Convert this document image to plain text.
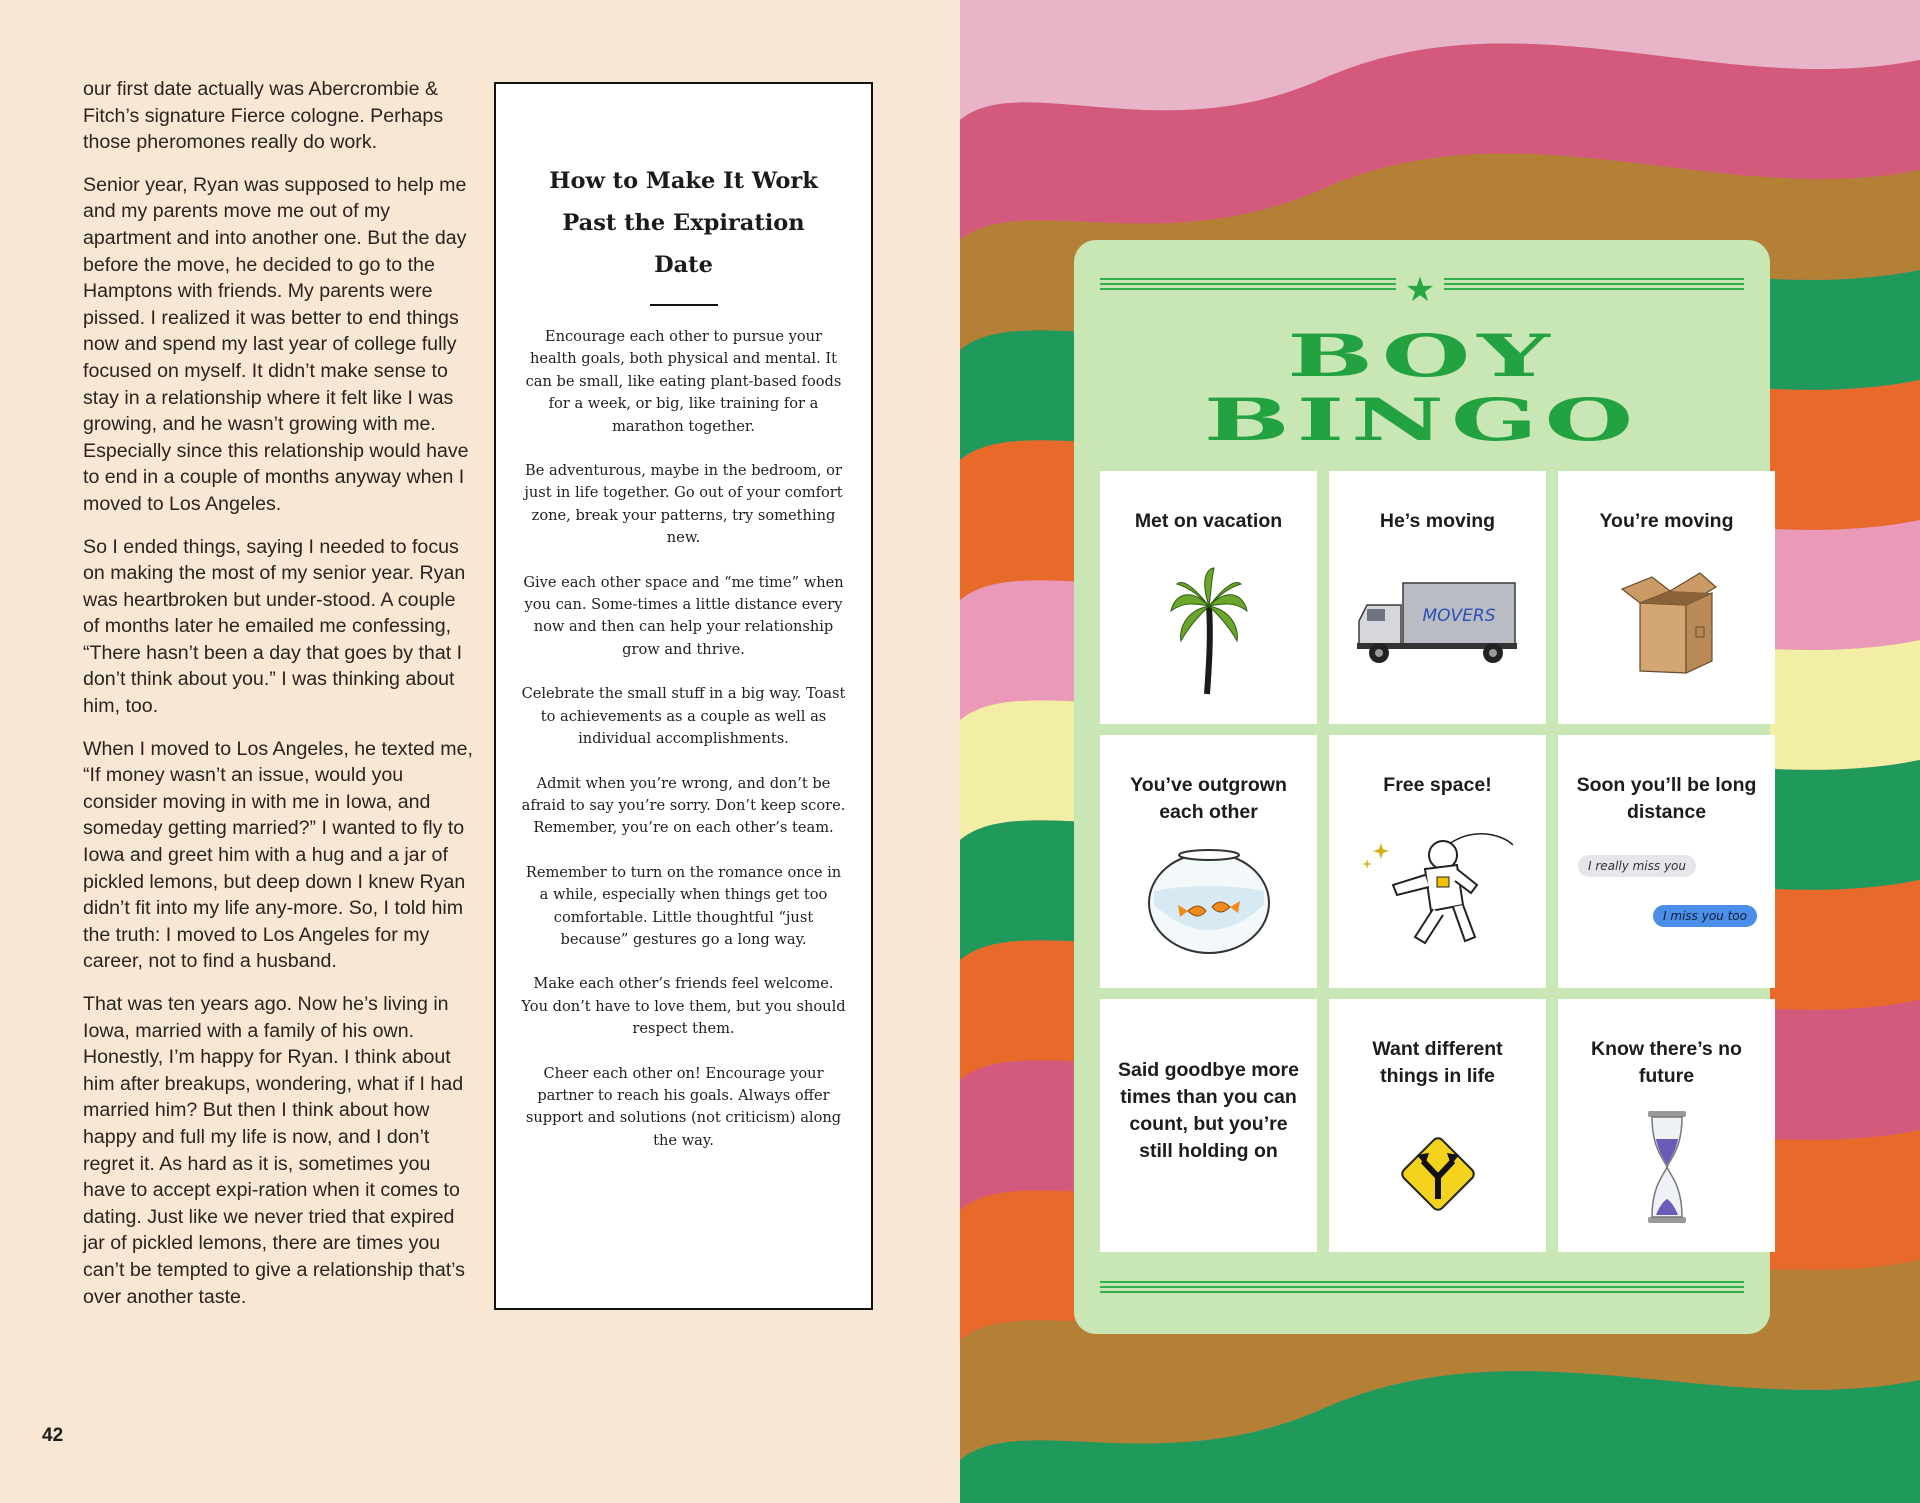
our first date actually was Abercrombie & Fitch’s signature Fierce cologne. Perhaps those pheromones really do work.

Senior year, Ryan was supposed to help me and my parents move me out of my apartment and into another one. But the day before the move, he decided to go to the Hamptons with friends. My parents were pissed. I realized it was better to end things now and spend my last year of college fully focused on myself. It didn’t make sense to stay in a relationship where it felt like I was growing, and he wasn’t growing with me. Especially since this relationship would have to end in a couple of months anyway when I moved to Los Angeles.

So I ended things, saying I needed to focus on making the most of my senior year. Ryan was heartbroken but under-stood. A couple of months later he emailed me confessing, “There hasn’t been a day that goes by that I don’t think about you.” I was thinking about him, too.

When I moved to Los Angeles, he texted me, “If money wasn’t an issue, would you consider moving in with me in Iowa, and someday getting married?” I wanted to fly to Iowa and greet him with a hug and a jar of pickled lemons, but deep down I knew Ryan didn’t fit into my life any-more. So, I told him the truth: I moved to Los Angeles for my career, not to find a husband.

That was ten years ago. Now he’s living in Iowa, married with a family of his own. Honestly, I’m happy for Ryan. I think about him after breakups, wondering, what if I had married him? But then I think about how happy and full my life is now, and I don’t regret it. As hard as it is, sometimes you have to accept expi-ration when it comes to dating. Just like we never tried that expired jar of pickled lemons, there are times you can’t be tempted to give a relationship that’s over another taste.

How to Make It Work Past the Expiration Date

Encourage each other to pursue your health goals, both physical and mental. It can be small, like eating plant-based foods for a week, or big, like training for a marathon together.

Be adventurous, maybe in the bedroom, or just in life together. Go out of your comfort zone, break your patterns, try something new.

Give each other space and “me time” when you can. Some-times a little distance every now and then can help your relationship grow and thrive.

Celebrate the small stuff in a big way. Toast to achievements as a couple as well as individual accomplishments.

Admit when you’re wrong, and don’t be afraid to say you’re sorry. Don’t keep score. Remember, you’re on each other’s team.

Remember to turn on the romance once in a while, especially when things get too comfortable. Little thoughtful “just because” gestures go a long way.

Make each other’s friends feel welcome. You don’t have to love them, but you should respect them.

Cheer each other on! Encourage your partner to reach his goals. Always offer support and solutions (not criticism) along the way.

42
★
BOY
BINGO
Met on vacation	He’s moving
MOVERS
You’re moving
You’ve outgrown each other
Free space!	Soon you’ll be long distance
I really miss you
I miss you too
Said goodbye more times than you can count, but you’re still holding on
Want different things in life
Know there’s no future
